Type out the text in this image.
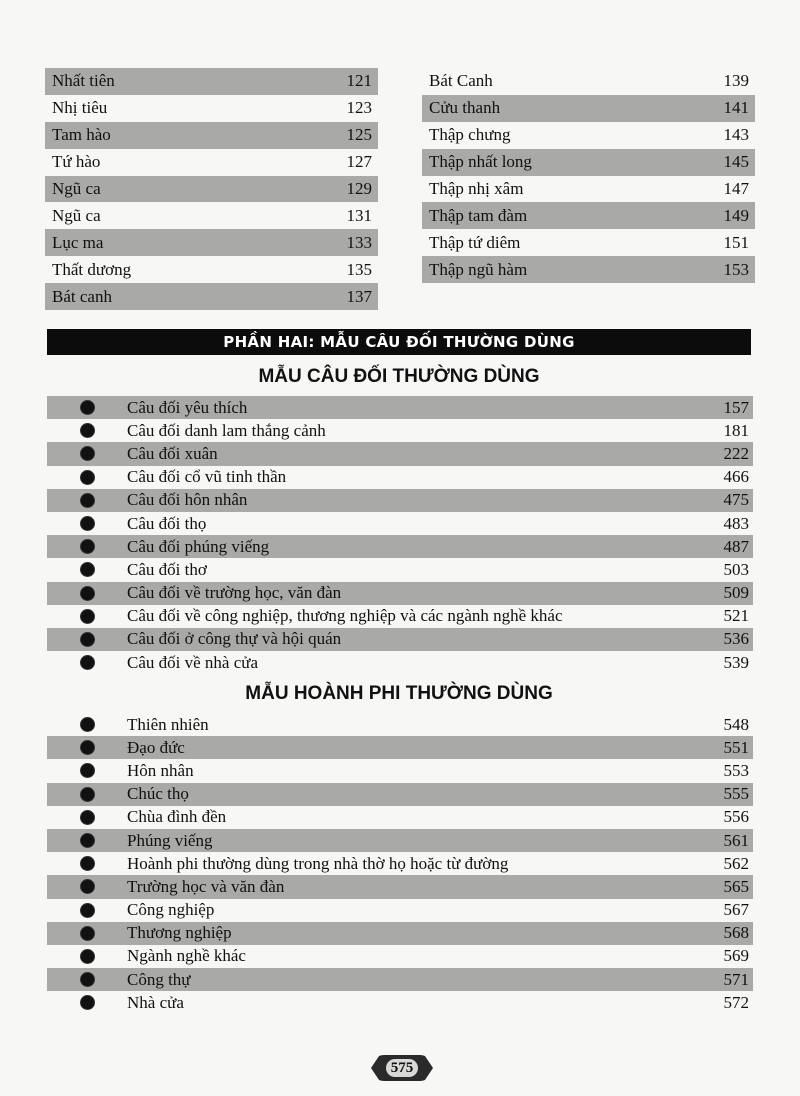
Nhất tiên	121
Nhị tiêu	123
Tam hào	125
Tứ hào	127
Ngũ ca	129
Ngũ ca	131
Lục ma	133
Thất dương	135
Bát canh	137
Bát Canh	139
Cửu thanh	141
Thập chưng	143
Thập nhất long	145
Thập nhị xâm	147
Thập tam đàm	149
Thập tứ diêm	151
Thập ngũ hàm	153
PHẦN HAI: MẪU CÂU ĐỐI THƯỜNG DÙNG
MẪU CÂU ĐỐI THƯỜNG DÙNG
Câu đối yêu thích	157
Câu đối danh lam thắng cảnh	181
Câu đối xuân	222
Câu đối cổ vũ tinh thần	466
Câu đối hôn nhân	475
Câu đối thọ	483
Câu đối phúng viếng	487
Câu đối thơ	503
Câu đối về trường học, văn đàn	509
Câu đối về công nghiệp, thương nghiệp và các ngành nghề khác	521
Câu đối ở công thự và hội quán	536
Câu đối về nhà cửa	539
MẪU HOÀNH PHI THƯỜNG DÙNG
Thiên nhiên	548
Đạo đức	551
Hôn nhân	553
Chúc thọ	555
Chùa đình đền	556
Phúng viếng	561
Hoành phi thường dùng trong nhà thờ họ hoặc từ đường	562
Trường học và văn đàn	565
Công nghiệp	567
Thương nghiệp	568
Ngành nghề khác	569
Công thự	571
Nhà cửa	572
575
